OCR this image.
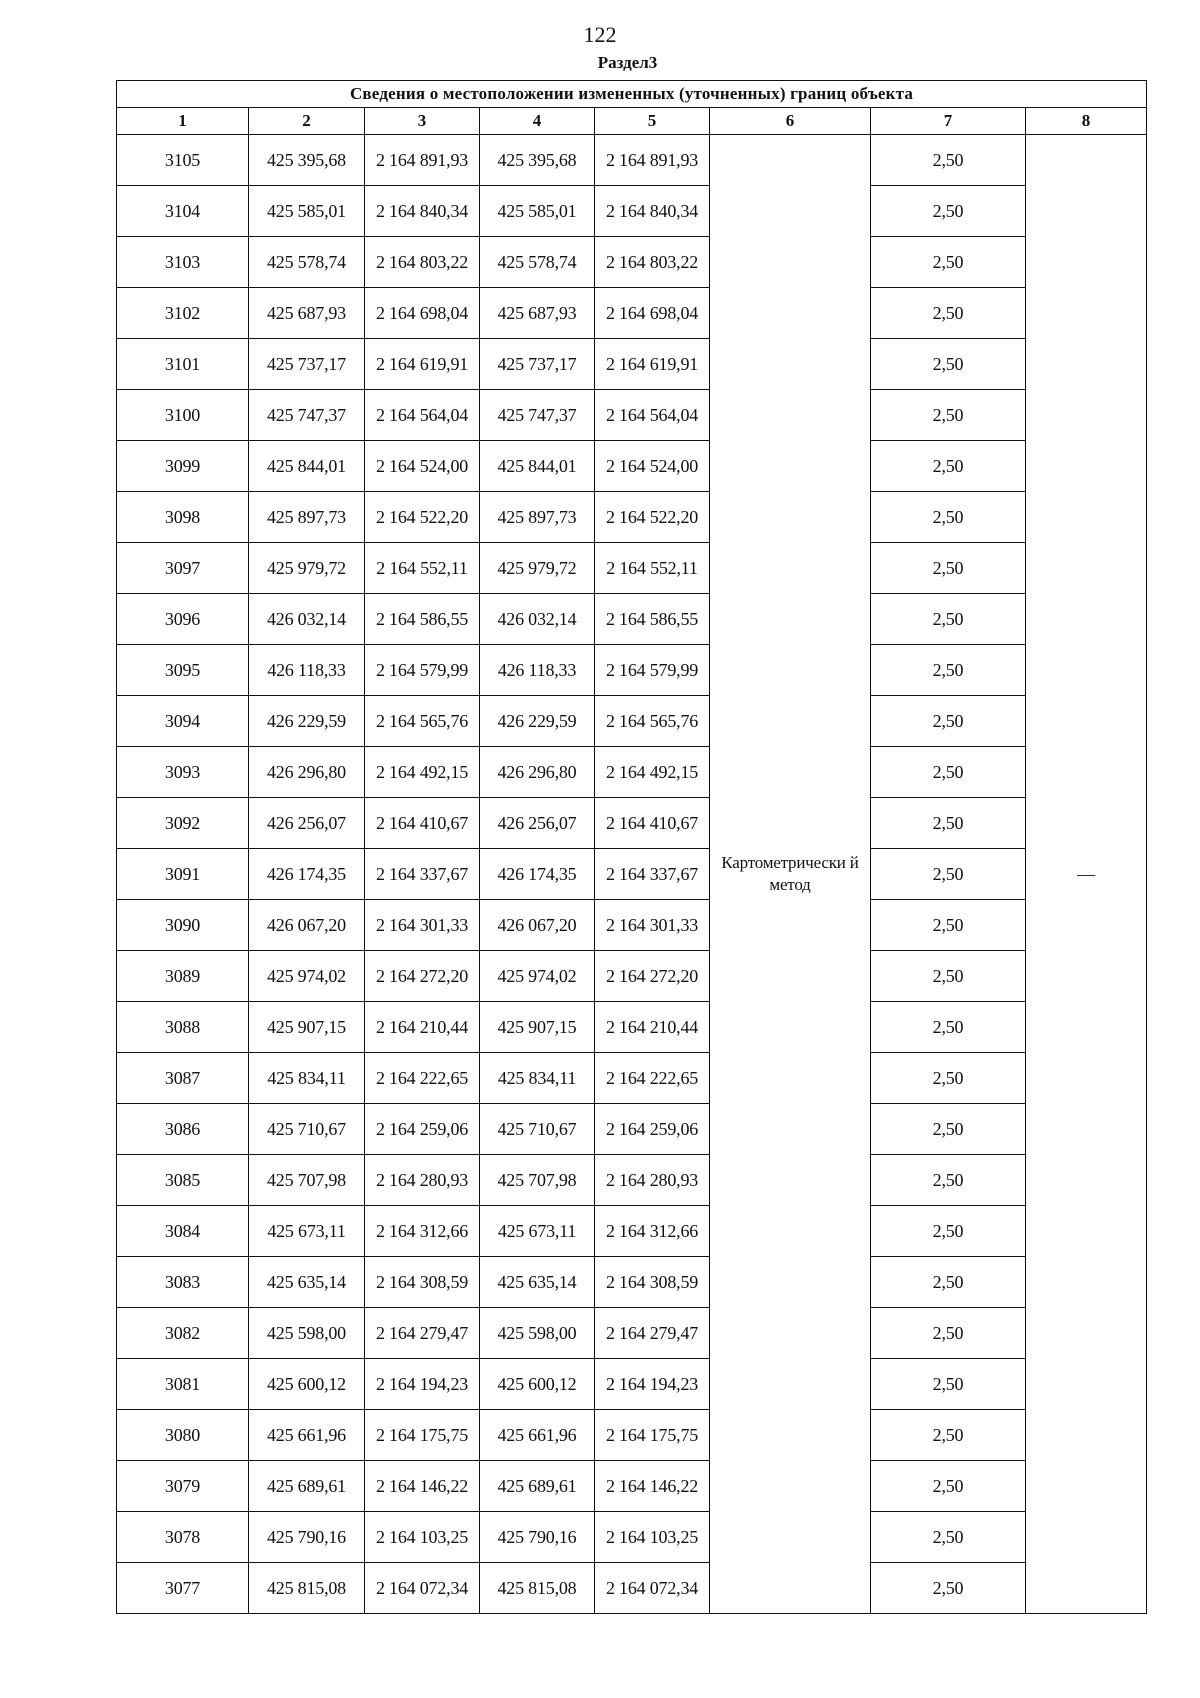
122
Раздел3
Сведения о местоположении измененных (уточненных) границ объекта							
1	2	3	4	5	6	7	8
3105	425 395,68	2 164 891,93	425 395,68	2 164 891,93	Картометрически й метод	2,50	—
3104	425 585,01	2 164 840,34	425 585,01	2 164 840,34		2,50	
3103	425 578,74	2 164 803,22	425 578,74	2 164 803,22		2,50	
3102	425 687,93	2 164 698,04	425 687,93	2 164 698,04		2,50	
3101	425 737,17	2 164 619,91	425 737,17	2 164 619,91		2,50	
3100	425 747,37	2 164 564,04	425 747,37	2 164 564,04		2,50	
3099	425 844,01	2 164 524,00	425 844,01	2 164 524,00		2,50	
3098	425 897,73	2 164 522,20	425 897,73	2 164 522,20		2,50	
3097	425 979,72	2 164 552,11	425 979,72	2 164 552,11		2,50	
3096	426 032,14	2 164 586,55	426 032,14	2 164 586,55		2,50	
3095	426 118,33	2 164 579,99	426 118,33	2 164 579,99		2,50	
3094	426 229,59	2 164 565,76	426 229,59	2 164 565,76		2,50	
3093	426 296,80	2 164 492,15	426 296,80	2 164 492,15		2,50	
3092	426 256,07	2 164 410,67	426 256,07	2 164 410,67		2,50	
3091	426 174,35	2 164 337,67	426 174,35	2 164 337,67		2,50	
3090	426 067,20	2 164 301,33	426 067,20	2 164 301,33		2,50	
3089	425 974,02	2 164 272,20	425 974,02	2 164 272,20		2,50	
3088	425 907,15	2 164 210,44	425 907,15	2 164 210,44		2,50	
3087	425 834,11	2 164 222,65	425 834,11	2 164 222,65		2,50	
3086	425 710,67	2 164 259,06	425 710,67	2 164 259,06		2,50	
3085	425 707,98	2 164 280,93	425 707,98	2 164 280,93		2,50	
3084	425 673,11	2 164 312,66	425 673,11	2 164 312,66		2,50	
3083	425 635,14	2 164 308,59	425 635,14	2 164 308,59		2,50	
3082	425 598,00	2 164 279,47	425 598,00	2 164 279,47		2,50	
3081	425 600,12	2 164 194,23	425 600,12	2 164 194,23		2,50	
3080	425 661,96	2 164 175,75	425 661,96	2 164 175,75		2,50	
3079	425 689,61	2 164 146,22	425 689,61	2 164 146,22		2,50	
3078	425 790,16	2 164 103,25	425 790,16	2 164 103,25		2,50	
3077	425 815,08	2 164 072,34	425 815,08	2 164 072,34		2,50	
